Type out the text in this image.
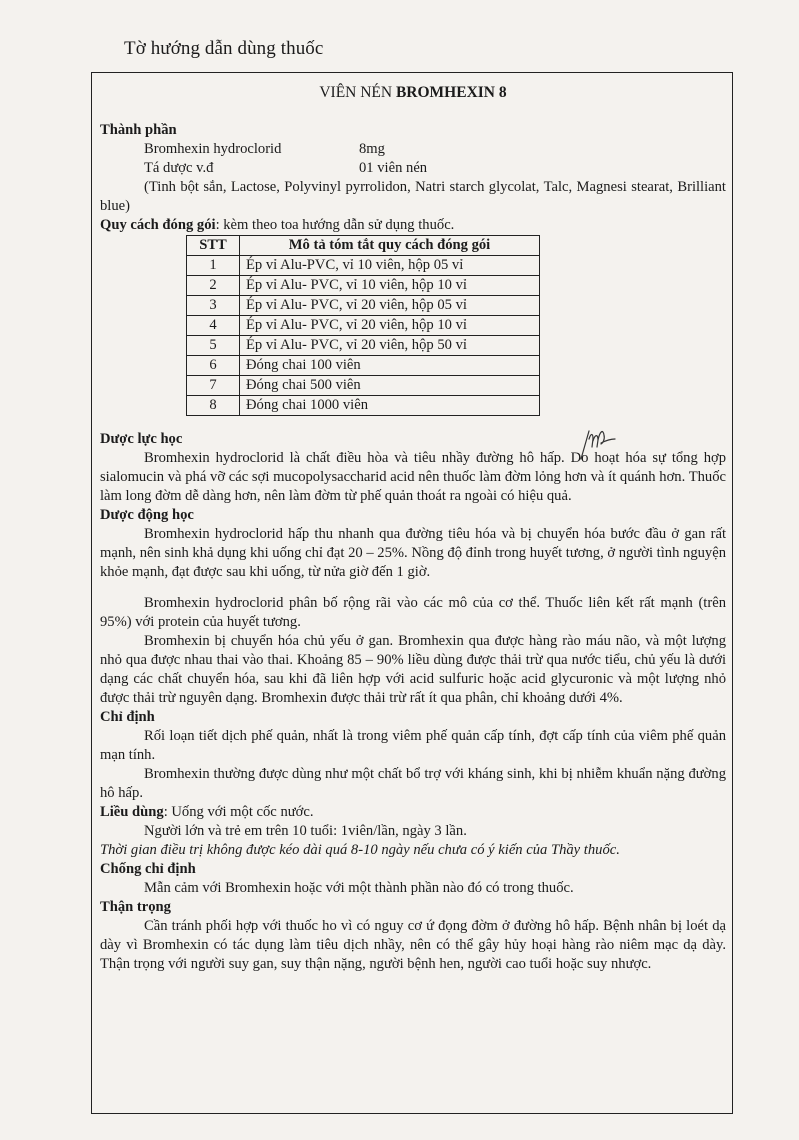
Tờ hướng dẫn dùng thuốc
VIÊN NÉN BROMHEXIN 8
Thành phần
Bromhexin hydroclorid	8mg
Tá dược v.đ	01 viên nén
(Tinh bột sắn, Lactose, Polyvinyl pyrrolidon, Natri starch glycolat, Talc, Magnesi stearat, Brilliant blue)
Quy cách đóng gói: kèm theo toa hướng dẫn sử dụng thuốc.
STT	Mô tả tóm tắt quy cách đóng gói
1	Ép vỉ Alu-PVC, vỉ 10 viên, hộp 05 vỉ
2	Ép vỉ Alu- PVC, vỉ 10 viên, hộp 10 vỉ
3	Ép vỉ Alu- PVC, vỉ 20 viên, hộp 05 vỉ
4	Ép vỉ Alu- PVC, vỉ 20 viên, hộp 10 vỉ
5	Ép vỉ Alu- PVC, vỉ 20 viên, hộp 50 vỉ
6	Đóng chai 100 viên
7	Đóng chai 500 viên
8	Đóng chai 1000 viên
Dược lực học
Bromhexin hydroclorid là chất điều hòa và tiêu nhầy đường hô hấp. Do hoạt hóa sự tổng hợp sialomucin và phá vỡ các sợi mucopolysaccharid acid nên thuốc làm đờm lỏng hơn và ít quánh hơn. Thuốc làm long đờm dễ dàng hơn, nên làm đờm từ phế quản thoát ra ngoài có hiệu quả.
Dược động học
Bromhexin hydroclorid hấp thu nhanh qua đường tiêu hóa và bị chuyển hóa bước đầu ở gan rất mạnh, nên sinh khả dụng khi uống chỉ đạt 20 – 25%. Nồng độ đỉnh trong huyết tương, ở người tình nguyện khỏe mạnh, đạt được sau khi uống, từ nửa giờ đến 1 giờ.
Bromhexin hydroclorid phân bố rộng rãi vào các mô của cơ thể. Thuốc liên kết rất mạnh (trên 95%) với protein của huyết tương.
Bromhexin bị chuyển hóa chủ yếu ở gan. Bromhexin qua được hàng rào máu não, và một lượng nhỏ qua được nhau thai vào thai. Khoảng 85 – 90% liều dùng được thải trừ qua nước tiểu, chủ yếu là dưới dạng các chất chuyển hóa, sau khi đã liên hợp với acid sulfuric hoặc acid glycuronic và một lượng nhỏ được thải trừ nguyên dạng. Bromhexin được thải trừ rất ít qua phân, chỉ khoảng dưới 4%.
Chỉ định
Rối loạn tiết dịch phế quản, nhất là trong viêm phế quản cấp tính, đợt cấp tính của viêm phế quản mạn tính.
Bromhexin thường được dùng như một chất bổ trợ với kháng sinh, khi bị nhiễm khuẩn nặng đường hô hấp.
Liều dùng: Uống với một cốc nước.
Người lớn và trẻ em trên 10 tuổi: 1viên/lần, ngày 3 lần.
Thời gian điều trị không được kéo dài quá 8-10 ngày nếu chưa có ý kiến của Thầy thuốc.
Chống chỉ định
Mẫn cảm với Bromhexin hoặc với một thành phần nào đó có trong thuốc.
Thận trọng
Cần tránh phối hợp với thuốc ho vì có nguy cơ ứ đọng đờm ở đường hô hấp. Bệnh nhân bị loét dạ dày vì Bromhexin có tác dụng làm tiêu dịch nhầy, nên có thể gây hủy hoại hàng rào niêm mạc dạ dày. Thận trọng với người suy gan, suy thận nặng, người bệnh hen, người cao tuổi hoặc suy nhược.
